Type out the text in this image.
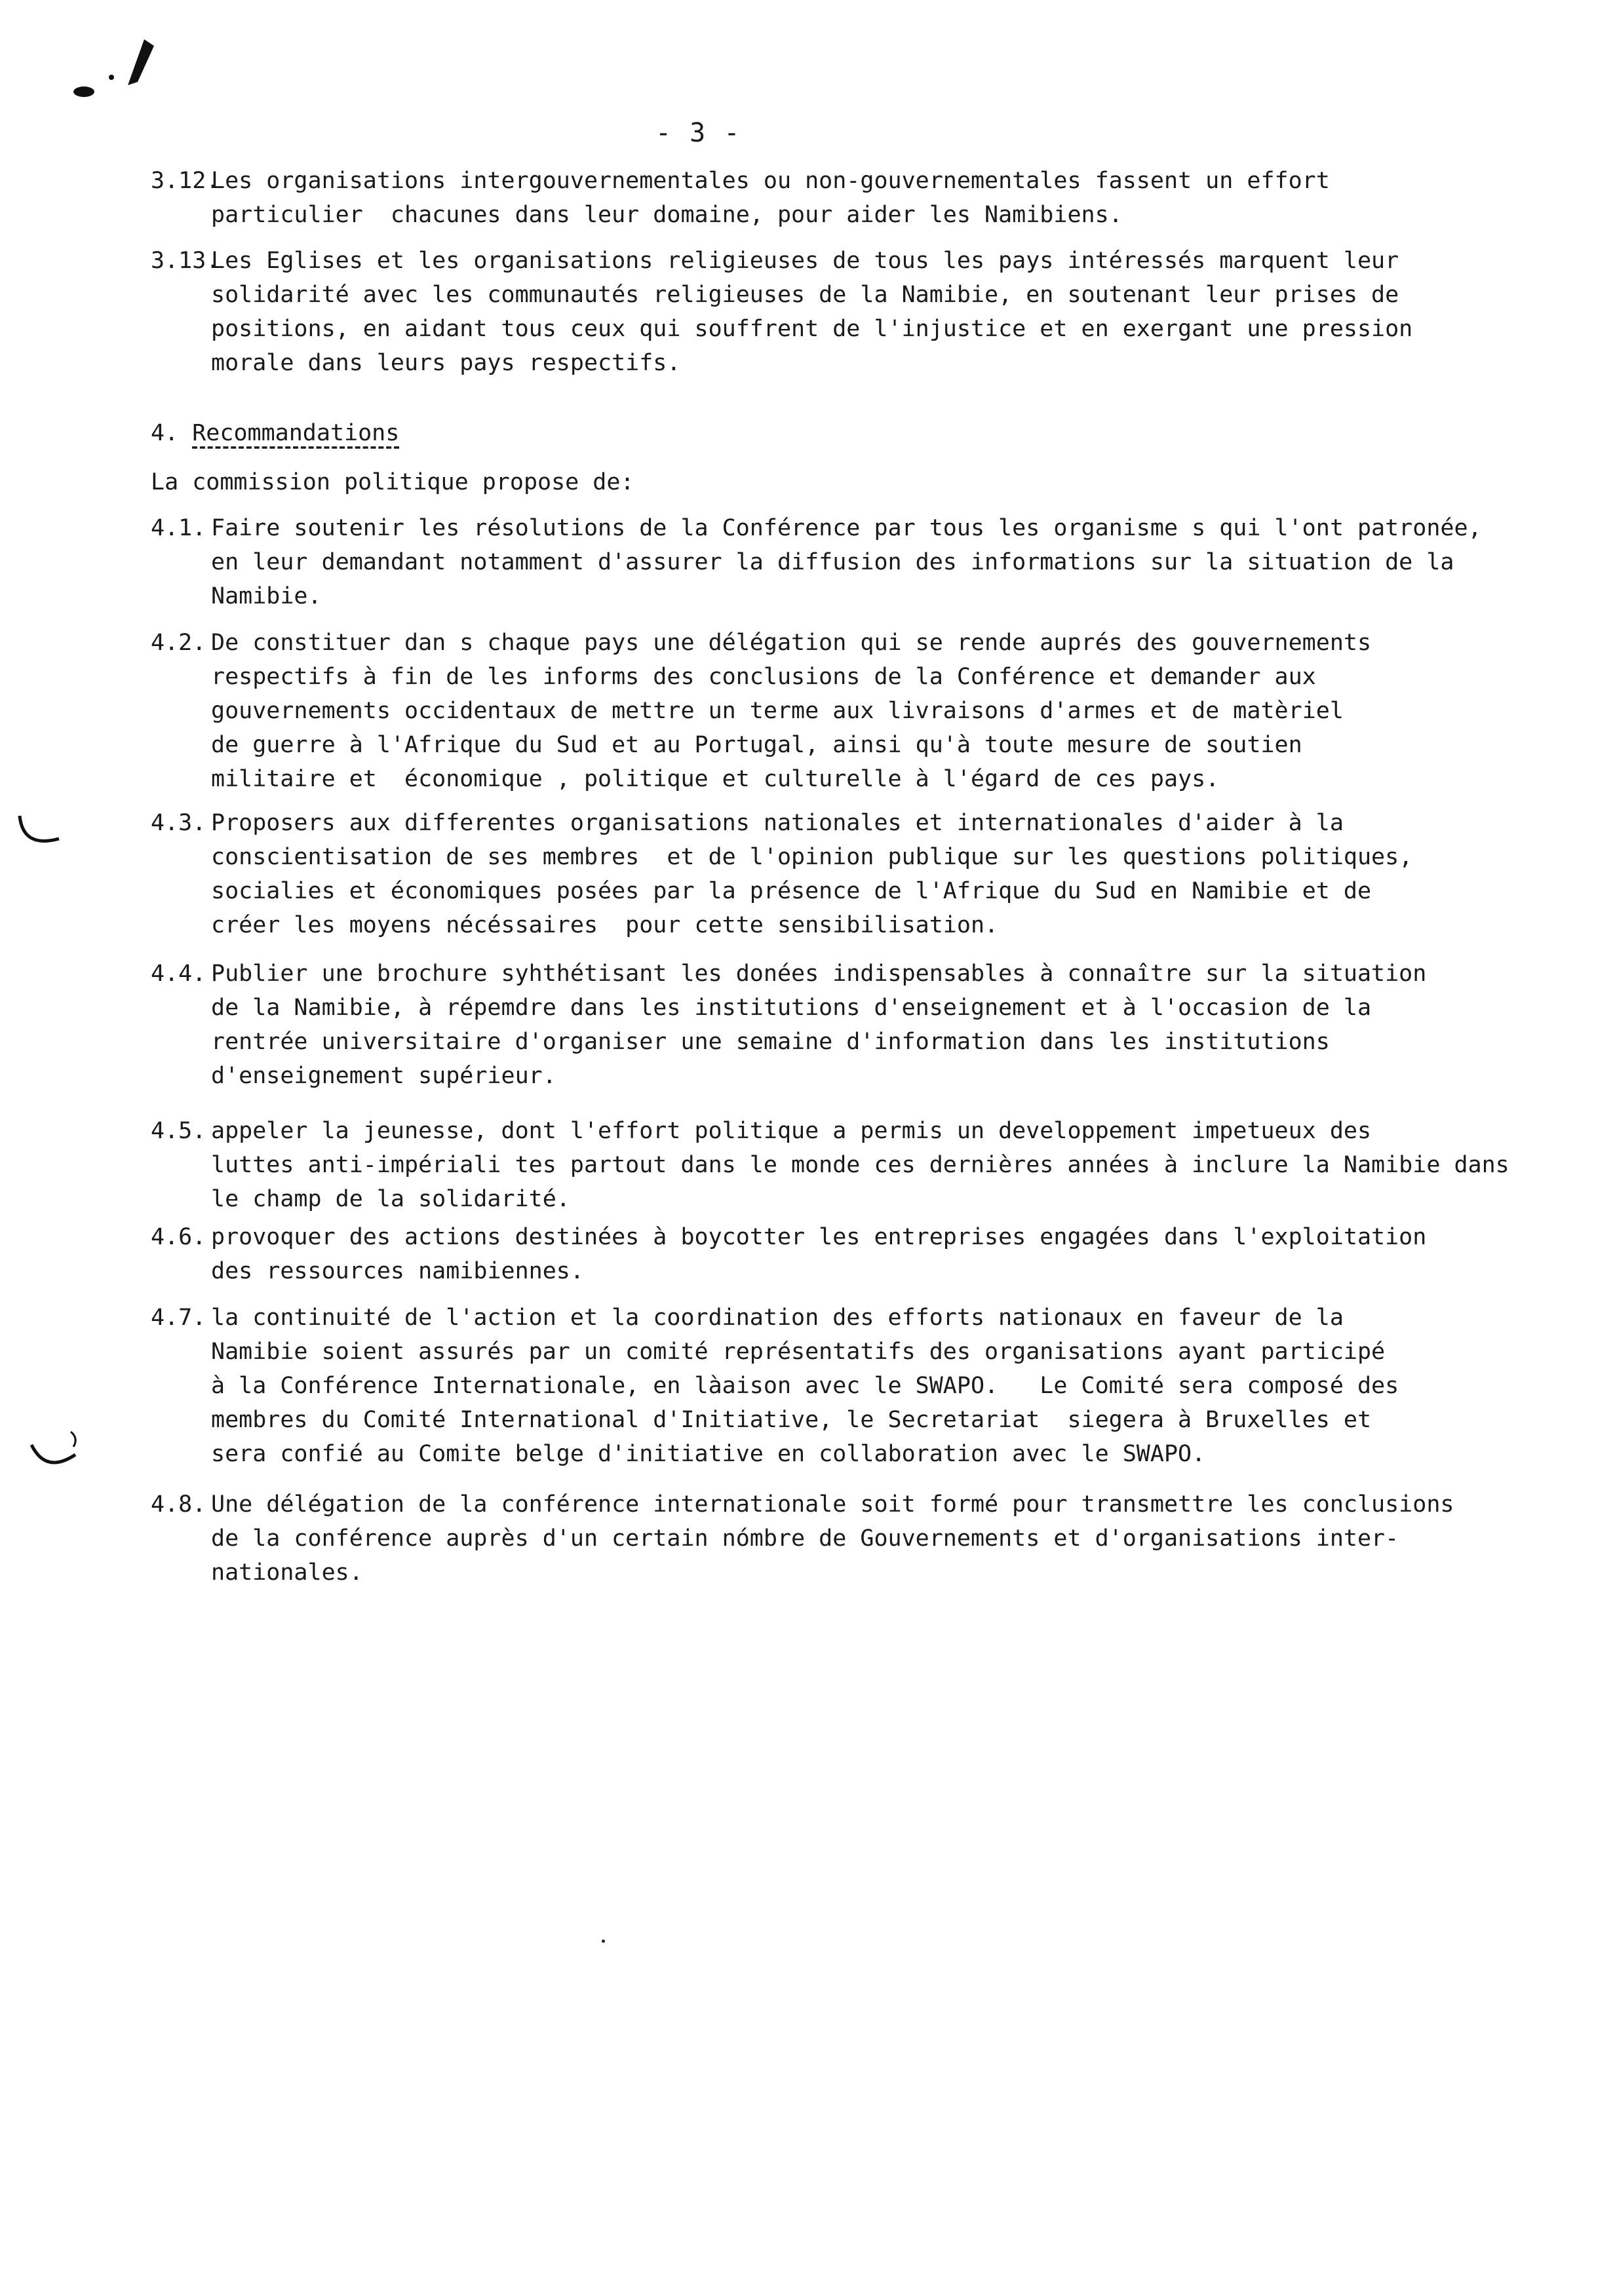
- 3 -
3.12.Les organisations intergouvernementales ou non-gouvernementales fassent un effort
particulier  chacunes dans leur domaine, pour aider les Namibiens.
3.13.Les Eglises et les organisations religieuses de tous les pays intéressés marquent leur
solidarité avec les communautés religieuses de la Namibie, en soutenant leur prises de
positions, en aidant tous ceux qui souffrent de l'injustice et en exergant une pression
morale dans leurs pays respectifs.
4. Recommandations
La commission politique propose de:
4.1. Faire soutenir les résolutions de la Conférence par tous les organisme s qui l'ont patronée,
en leur demandant notamment d'assurer la diffusion des informations sur la situation de la
Namibie.
4.2. De constituer dan s chaque pays une délégation qui se rende auprés des gouvernements
respectifs à fin de les informs des conclusions de la Conférence et demander aux
gouvernements occidentaux de mettre un terme aux livraisons d'armes et de matèriel
de guerre à l'Afrique du Sud et au Portugal, ainsi qu'à toute mesure de soutien
militaire et  économique , politique et culturelle à l'égard de ces pays.
4.3. Proposers aux differentes organisations nationales et internationales d'aider à la
conscientisation de ses membres  et de l'opinion publique sur les questions politiques,
socialies et économiques posées par la présence de l'Afrique du Sud en Namibie et de
créer les moyens nécéssaires  pour cette sensibilisation.
4.4. Publier une brochure syhthétisant les donées indispensables à connaître sur la situation
de la Namibie, à répemdre dans les institutions d'enseignement et à l'occasion de la
rentrée universitaire d'organiser une semaine d'information dans les institutions
d'enseignement supérieur.
4.5. appeler la jeunesse, dont l'effort politique a permis un developpement impetueux des
luttes anti-impériali tes partout dans le monde ces dernières années à inclure la Namibie dans
le champ de la solidarité.
4.6. provoquer des actions destinées à boycotter les entreprises engagées dans l'exploitation
des ressources namibiennes.
4.7. la continuité de l'action et la coordination des efforts nationaux en faveur de la
Namibie soient assurés par un comité représentatifs des organisations ayant participé
à la Conférence Internationale, en làaison avec le SWAPO.   Le Comité sera composé des
membres du Comité International d'Initiative, le Secretariat  siegera à Bruxelles et
sera confié au Comite belge d'initiative en collaboration avec le SWAPO.
4.8. Une délégation de la conférence internationale soit formé pour transmettre les conclusions
de la conférence auprès d'un certain nómbre de Gouvernements et d'organisations inter-
nationales.
